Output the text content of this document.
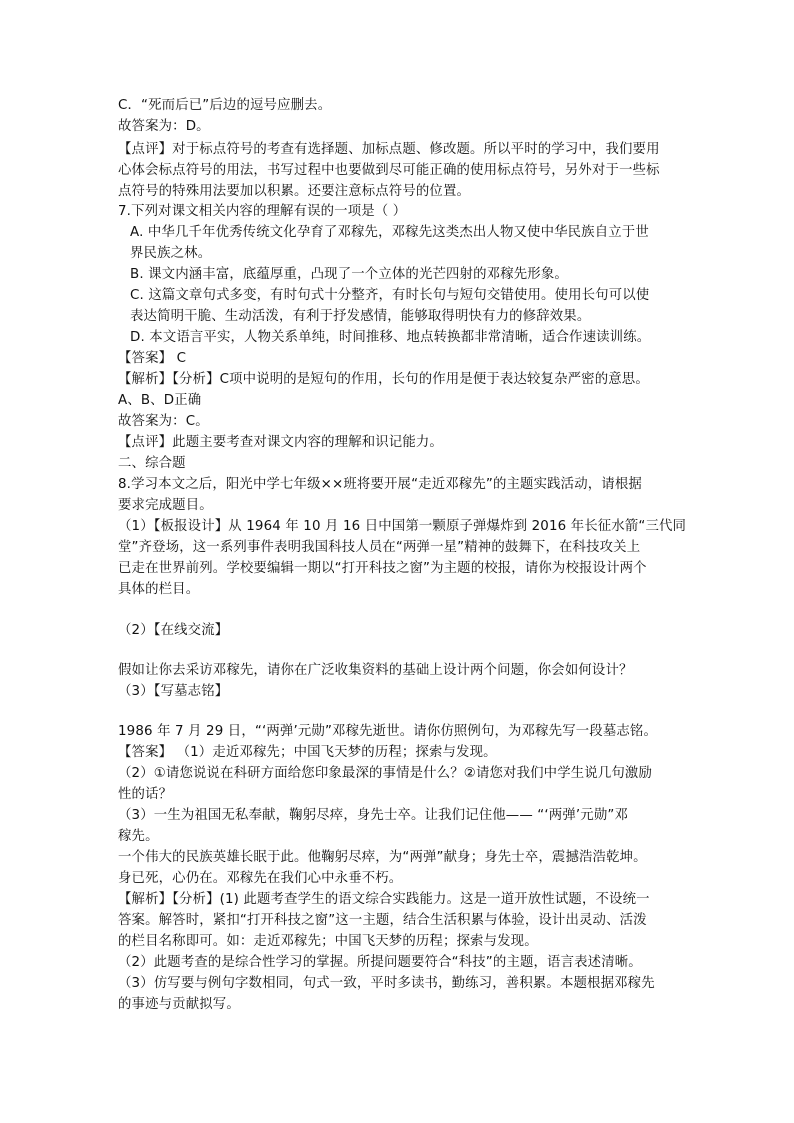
C．“死而后已”后边的逗号应删去。
故答案为：D。
【点评】对于标点符号的考查有选择题、加标点题、修改题。所以平时的学习中，我们要用
心体会标点符号的用法，书写过程中也要做到尽可能正确的使用标点符号，另外对于一些标
点符号的特殊用法要加以积累。还要注意标点符号的位置。
7.下列对课文相关内容的理解有误的一项是（ ）
A. 中华几千年优秀传统文化孕育了邓稼先，邓稼先这类杰出人物又使中华民族自立于世
界民族之林。
B. 课文内涵丰富，底蕴厚重，凸现了一个立体的光芒四射的邓稼先形象。
C. 这篇文章句式多变，有时句式十分整齐，有时长句与短句交错使用。使用长句可以使
表达简明干脆、生动活泼，有利于抒发感情，能够取得明快有力的修辞效果。
D. 本文语言平实，人物关系单纯，时间推移、地点转换都非常清晰，适合作速读训练。
【答案】 C
【解析】【分析】C项中说明的是短句的作用，长句的作用是便于表达较复杂严密的意思。
A、B、D正确
故答案为：C。
【点评】此题主要考查对课文内容的理解和识记能力。
二、综合题
8.学习本文之后，阳光中学七年级××班将要开展“走近邓稼先”的主题实践活动，请根据
要求完成题目。
（1）【板报设计】从 1964 年 10 月 16 日中国第一颗原子弹爆炸到 2016 年长征水箭“三代同
堂”齐登场，这一系列事件表明我国科技人员在“两弹一星”精神的鼓舞下，在科技攻关上
已走在世界前列。学校要编辑一期以“打开科技之窗”为主题的校报，请你为校报设计两个
具体的栏目。
（2）【在线交流】
假如让你去采访邓稼先，请你在广泛收集资料的基础上设计两个问题，你会如何设计？
（3）【写墓志铭】
1986 年 7 月 29 日，“‘两弹’元勋”邓稼先逝世。请你仿照例句，为邓稼先写一段墓志铭。
【答案】 （1）走近邓稼先；中国飞天梦的历程；探索与发现。
（2）①请您说说在科研方面给您印象最深的事情是什么？②请您对我们中学生说几句激励
性的话？
（3）一生为祖国无私奉献，鞠躬尽瘁，身先士卒。让我们记住他—— “‘两弹’元勋”邓
稼先。
一个伟大的民族英雄长眠于此。他鞠躬尽瘁，为“两弹”献身；身先士卒，震撼浩浩乾坤。
身已死，心仍在。邓稼先在我们心中永垂不朽。
【解析】【分析】(1) 此题考查学生的语文综合实践能力。这是一道开放性试题，不设统一
答案。解答时，紧扣“打开科技之窗”这一主题，结合生活积累与体验，设计出灵动、活泼
的栏目名称即可。如：走近邓稼先；中国飞天梦的历程；探索与发现。
（2）此题考查的是综合性学习的掌握。所提问题要符合“科技”的主题，语言表述清晰。
（3）仿写要与例句字数相同，句式一致，平时多读书，勤练习，善积累。本题根据邓稼先
的事迹与贡献拟写。
